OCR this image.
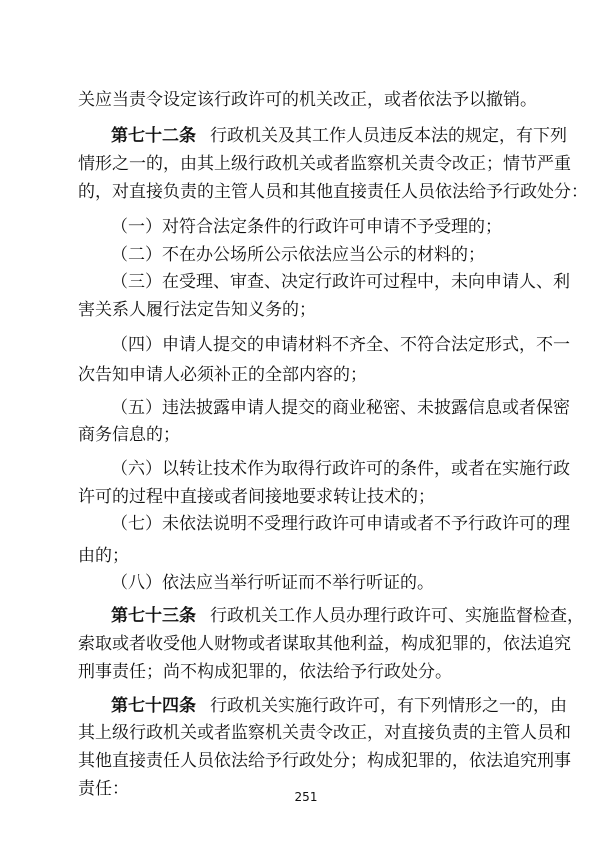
关应当责令设定该行政许可的机关改正，或者依法予以撤销。
第七十二条 行政机关及其工作人员违反本法的规定，有下列
情形之一的，由其上级行政机关或者监察机关责令改正；情节严重
的，对直接负责的主管人员和其他直接责任人员依法给予行政处分：
（一）对符合法定条件的行政许可申请不予受理的；
（二）不在办公场所公示依法应当公示的材料的；
（三）在受理、审查、决定行政许可过程中，未向申请人、利
害关系人履行法定告知义务的；
（四）申请人提交的申请材料不齐全、不符合法定形式，不一
次告知申请人必须补正的全部内容的；
（五）违法披露申请人提交的商业秘密、未披露信息或者保密
商务信息的；
（六）以转让技术作为取得行政许可的条件，或者在实施行政
许可的过程中直接或者间接地要求转让技术的；
（七）未依法说明不受理行政许可申请或者不予行政许可的理
由的；
（八）依法应当举行听证而不举行听证的。
第七十三条 行政机关工作人员办理行政许可、实施监督检查，
索取或者收受他人财物或者谋取其他利益，构成犯罪的，依法追究
刑事责任；尚不构成犯罪的，依法给予行政处分。
第七十四条 行政机关实施行政许可，有下列情形之一的，由
其上级行政机关或者监察机关责令改正，对直接负责的主管人员和
其他直接责任人员依法给予行政处分；构成犯罪的，依法追究刑事
责任：	251
